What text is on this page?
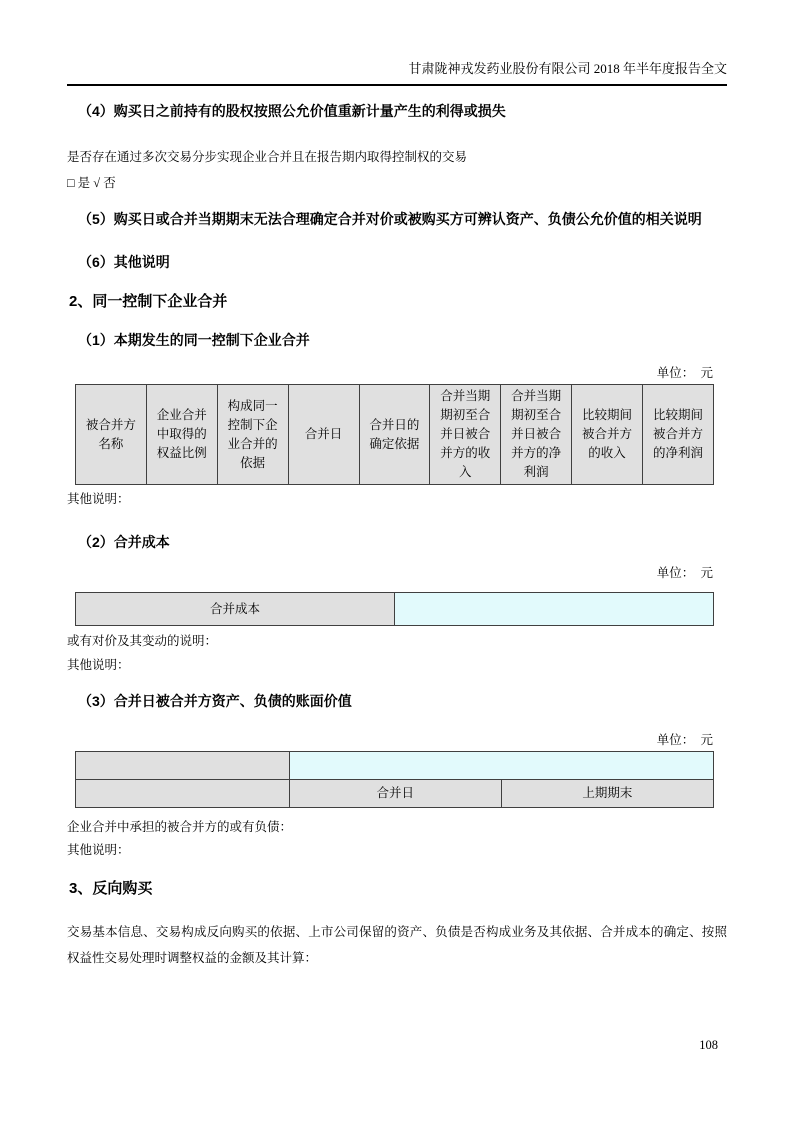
甘肃陇神戎发药业股份有限公司 2018 年半年度报告全文
（4）购买日之前持有的股权按照公允价值重新计量产生的利得或损失
是否存在通过多次交易分步实现企业合并且在报告期内取得控制权的交易
□ 是 √ 否
（5）购买日或合并当期期末无法合理确定合并对价或被购买方可辨认资产、负债公允价值的相关说明
（6）其他说明
2、同一控制下企业合并
（1）本期发生的同一控制下企业合并
单位：  元
被合并方名称	企业合并中取得的权益比例	构成同一控制下企业合并的依据	合并日	合并日的确定依据	合并当期期初至合并日被合并方的收入	合并当期期初至合并日被合并方的净利润	比较期间被合并方的收入	比较期间被合并方的净利润
其他说明：
（2）合并成本
单位：  元
合并成本	
或有对价及其变动的说明：
其他说明：
（3）合并日被合并方资产、负债的账面价值
单位：  元

	合并日	上期期末
企业合并中承担的被合并方的或有负债：
其他说明：
3、反向购买
交易基本信息、交易构成反向购买的依据、上市公司保留的资产、负债是否构成业务及其依据、合并成本的确定、按照权益性交易处理时调整权益的金额及其计算：
108
